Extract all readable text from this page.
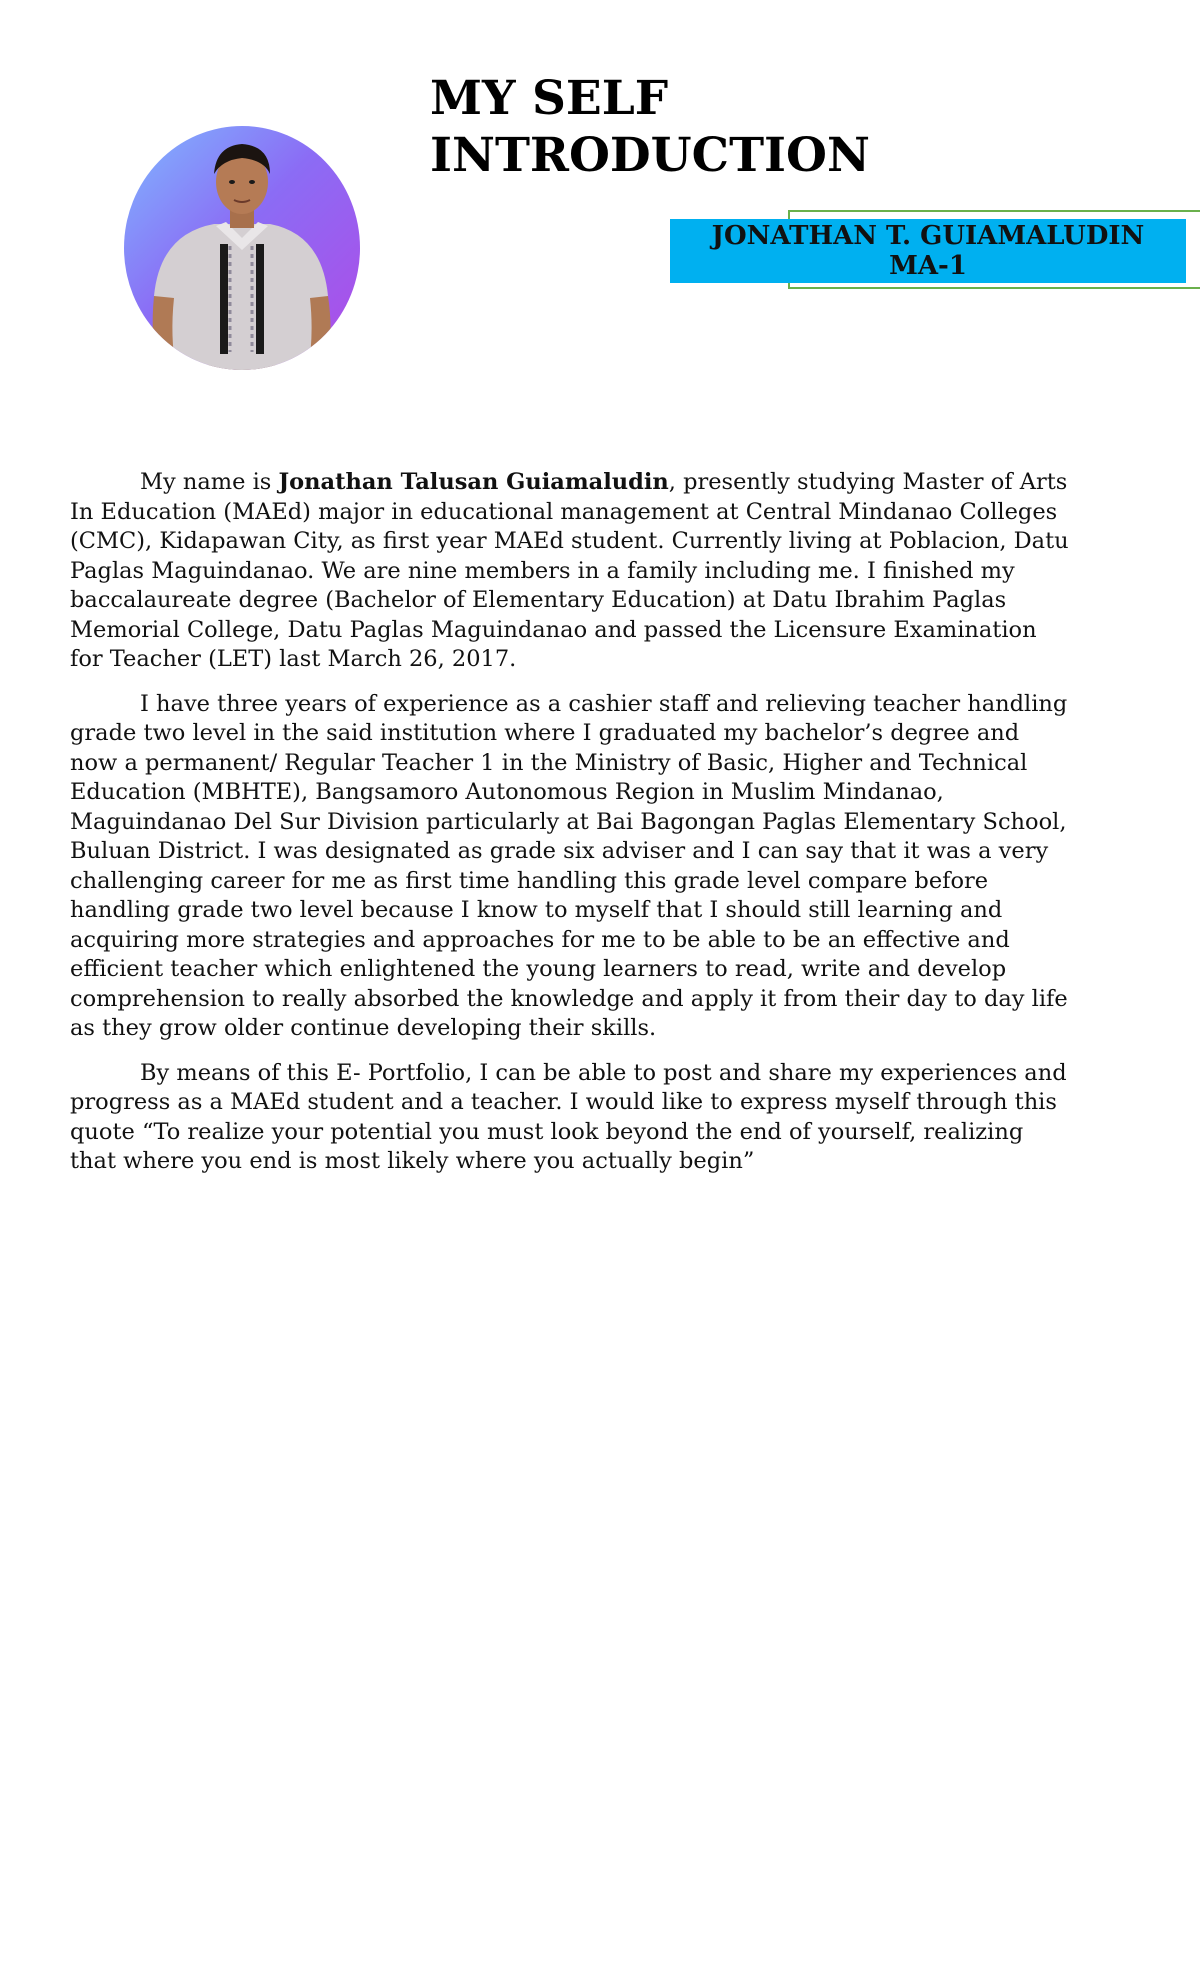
MY SELF
INTRODUCTION
JONATHAN T. GUIAMALUDIN
MA-1

My name is Jonathan Talusan Guiamaludin, presently studying Master of Arts In Education (MAEd) major in educational management at Central Mindanao Colleges (CMC), Kidapawan City, as first year MAEd student. Currently living at Poblacion, Datu Paglas Maguindanao. We are nine members in a family including me. I finished my baccalaureate degree (Bachelor of Elementary Education) at Datu Ibrahim Paglas Memorial College, Datu Paglas Maguindanao and passed the Licensure Examination for Teacher (LET) last March 26, 2017.

I have three years of experience as a cashier staff and relieving teacher handling grade two level in the said institution where I graduated my bachelor’s degree and now a permanent/ Regular Teacher 1 in the Ministry of Basic, Higher and Technical Education (MBHTE), Bangsamoro Autonomous Region in Muslim Mindanao, Maguindanao Del Sur Division particularly at Bai Bagongan Paglas Elementary School, Buluan District. I was designated as grade six adviser and I can say that it was a very challenging career for me as first time handling this grade level compare before handling grade two level because I know to myself that I should still learning and acquiring more strategies and approaches for me to be able to be an effective and efficient teacher which enlightened the young learners to read, write and develop comprehension to really absorbed the knowledge and apply it from their day to day life as they grow older continue developing their skills.

By means of this E- Portfolio, I can be able to post and share my experiences and progress as a MAEd student and a teacher. I would like to express myself through this quote “To realize your potential you must look beyond the end of yourself, realizing that where you end is most likely where you actually begin”
